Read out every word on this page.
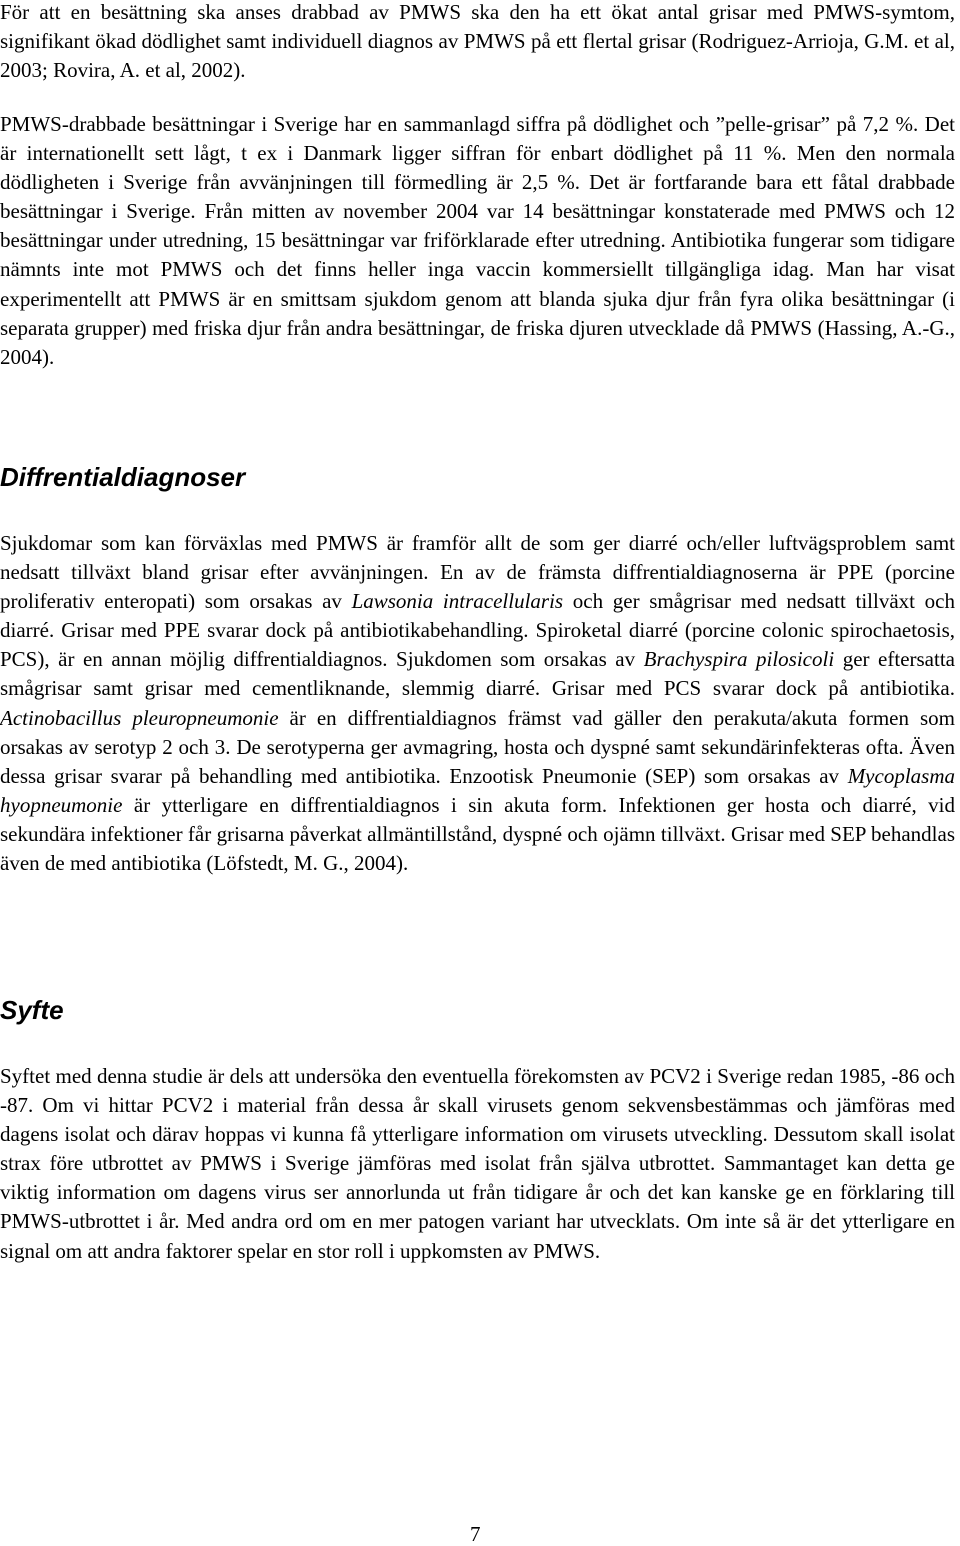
För att en besättning ska anses drabbad av PMWS ska den ha ett ökat antal grisar med PMWS-symtom, signifikant ökad dödlighet samt individuell diagnos av PMWS på ett flertal grisar (Rodriguez-Arrioja, G.M. et al, 2003; Rovira, A. et al, 2002).

PMWS-drabbade besättningar i Sverige har en sammanlagd siffra på dödlighet och ”pelle-grisar” på 7,2 %. Det är internationellt sett lågt, t ex i Danmark ligger siffran för enbart dödlighet på 11 %. Men den normala dödligheten i Sverige från avvänjningen till förmedling är 2,5 %. Det är fortfarande bara ett fåtal drabbade besättningar i Sverige. Från mitten av november 2004 var 14 besättningar konstaterade med PMWS och 12 besättningar under utredning, 15 besättningar var friförklarade efter utredning. Antibiotika fungerar som tidigare nämnts inte mot PMWS och det finns heller inga vaccin kommersiellt tillgängliga idag. Man har visat experimentellt att PMWS är en smittsam sjukdom genom att blanda sjuka djur från fyra olika besättningar (i separata grupper) med friska djur från andra besättningar, de friska djuren utvecklade då PMWS (Hassing, A.-G., 2004).

Diffrentialdiagnoser

Sjukdomar som kan förväxlas med PMWS är framför allt de som ger diarré och/eller luftvägsproblem samt nedsatt tillväxt bland grisar efter avvänjningen. En av de främsta diffrentialdiagnoserna är PPE (porcine proliferativ enteropati) som orsakas av Lawsonia intracellularis och ger smågrisar med nedsatt tillväxt och diarré. Grisar med PPE svarar dock på antibiotikabehandling. Spiroketal diarré (porcine colonic spirochaetosis, PCS), är en annan möjlig diffrentialdiagnos. Sjukdomen som orsakas av Brachyspira pilosicoli ger eftersatta smågrisar samt grisar med cementliknande, slemmig diarré. Grisar med PCS svarar dock på antibiotika. Actinobacillus pleuropneumonie är en diffrentialdiagnos främst vad gäller den perakuta/akuta formen som orsakas av serotyp 2 och 3. De serotyperna ger avmagring, hosta och dyspné samt sekundärinfekteras ofta. Även dessa grisar svarar på behandling med antibiotika. Enzootisk Pneumonie (SEP) som orsakas av Mycoplasma hyopneumonie är ytterligare en diffrentialdiagnos i sin akuta form. Infektionen ger hosta och diarré, vid sekundära infektioner får grisarna påverkat allmäntillstånd, dyspné och ojämn tillväxt. Grisar med SEP behandlas även de med antibiotika (Löfstedt, M. G., 2004).

Syfte

Syftet med denna studie är dels att undersöka den eventuella förekomsten av PCV2 i Sverige redan 1985, -86 och -87. Om vi hittar PCV2 i material från dessa år skall virusets genom sekvensbestämmas och jämföras med dagens isolat och därav hoppas vi kunna få ytterligare information om virusets utveckling. Dessutom skall isolat strax före utbrottet av PMWS i Sverige jämföras med isolat från själva utbrottet. Sammantaget kan detta ge viktig information om dagens virus ser annorlunda ut från tidigare år och det kan kanske ge en förklaring till PMWS-utbrottet i år. Med andra ord om en mer patogen variant har utvecklats. Om inte så är det ytterligare en signal om att andra faktorer spelar en stor roll i uppkomsten av PMWS.

7
